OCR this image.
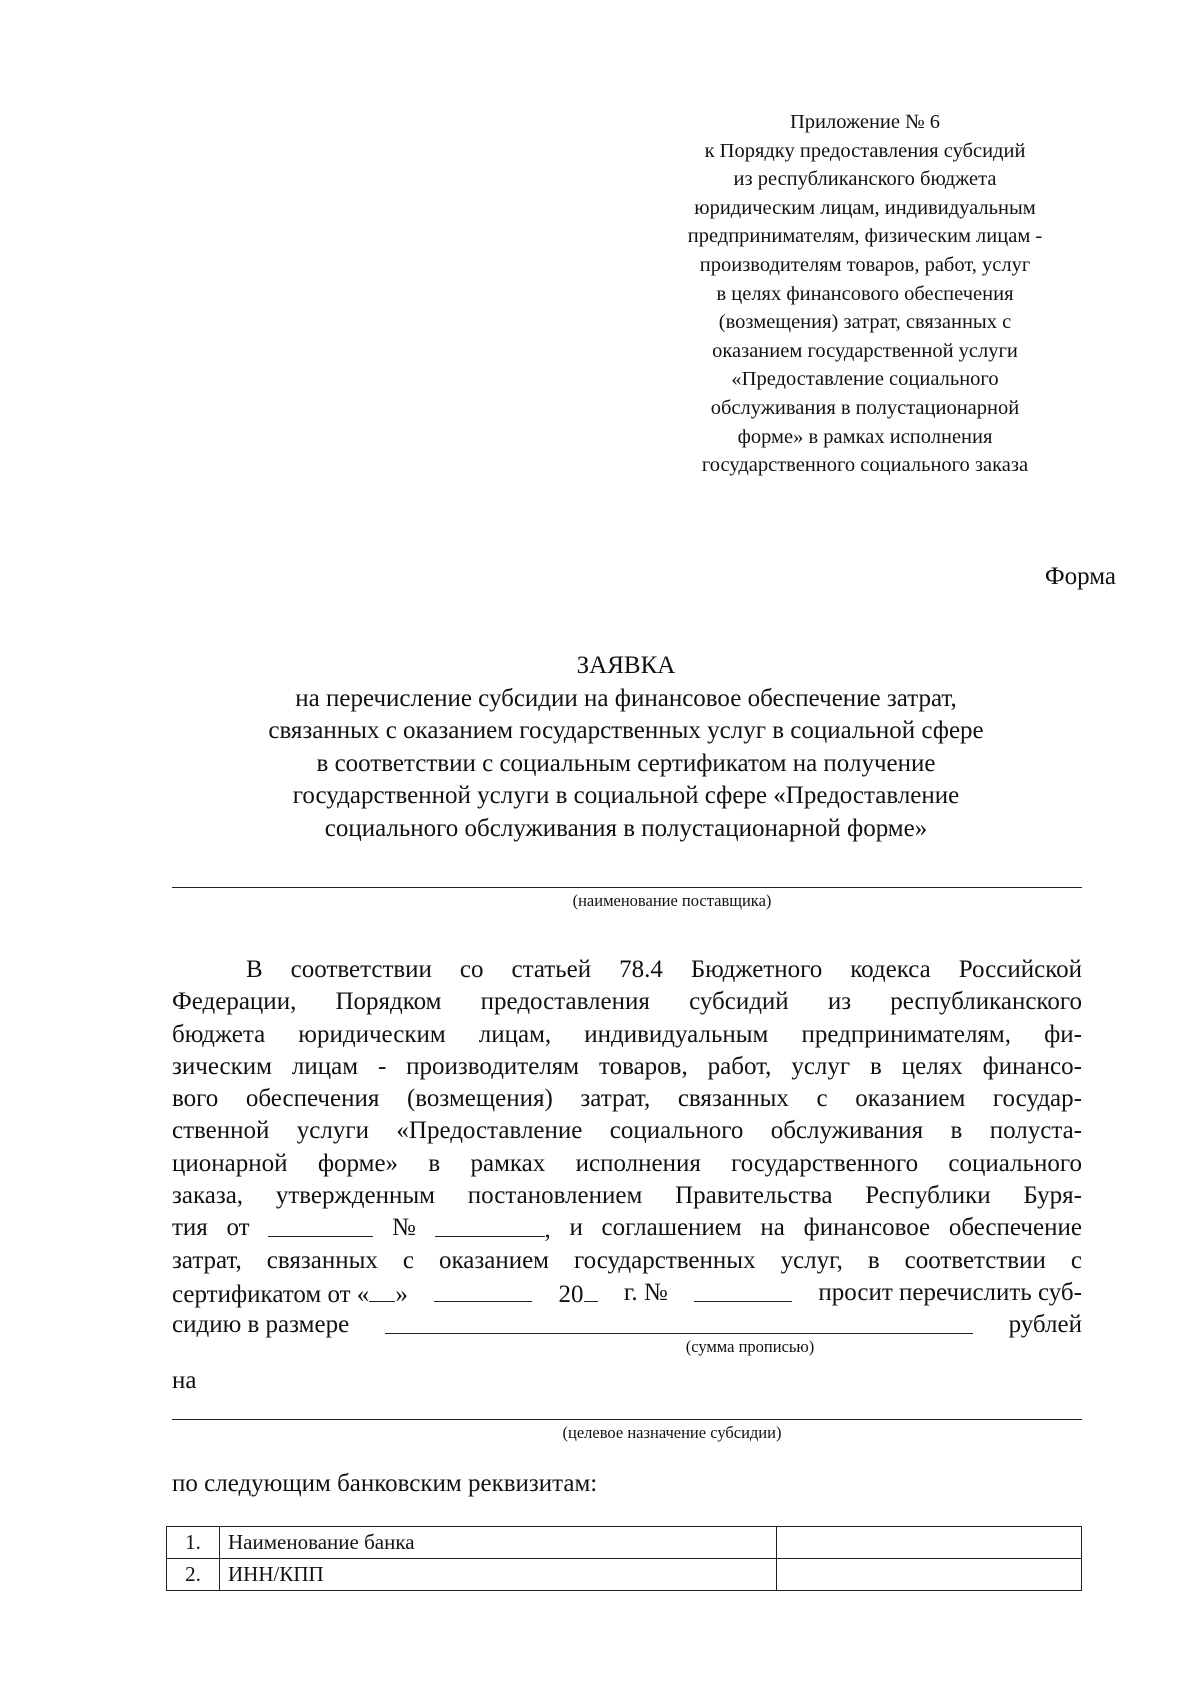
Приложение № 6
к Порядку предоставления субсидий
из республиканского бюджета
юридическим лицам, индивидуальным
предпринимателям, физическим лицам -
производителям товаров, работ, услуг
в целях финансового обеспечения
(возмещения) затрат, связанных с
оказанием государственной услуги
«Предоставление социального
обслуживания в полустационарной
форме» в рамках исполнения
государственного социального заказа
Форма
ЗАЯВКА
на перечисление субсидии на финансовое обеспечение затрат,
связанных с оказанием государственных услуг в социальной сфере
в соответствии с социальным сертификатом на получение
государственной услуги в социальной сфере «Предоставление
социального обслуживания в полустационарной форме»
(наименование поставщика)
В соответствии со статьей 78.4 Бюджетного кодекса Российской
Федерации, Порядком предоставления субсидий из республиканского
бюджета юридическим лицам, индивидуальным предпринимателям, фи-
зическим лицам - производителям товаров, работ, услуг в целях финансо-
вого обеспечения (возмещения) затрат, связанных с оказанием государ-
ственной услуги «Предоставление социального обслуживания в полуста-
ционарной форме» в рамках исполнения государственного социального
заказа, утвержденным постановлением Правительства Республики Буря-
тия от	№	, и соглашением на финансовое обеспечение
затрат, связанных с оказанием государственных услуг, в соответствии с
сертификатом от « »	20	г. №	просит перечислить суб-
сидию в размере	рублей
(сумма прописью)
на
(целевое назначение субсидии)
по следующим банковским реквизитам:
1.	Наименование банка	
2.	ИНН/КПП	
